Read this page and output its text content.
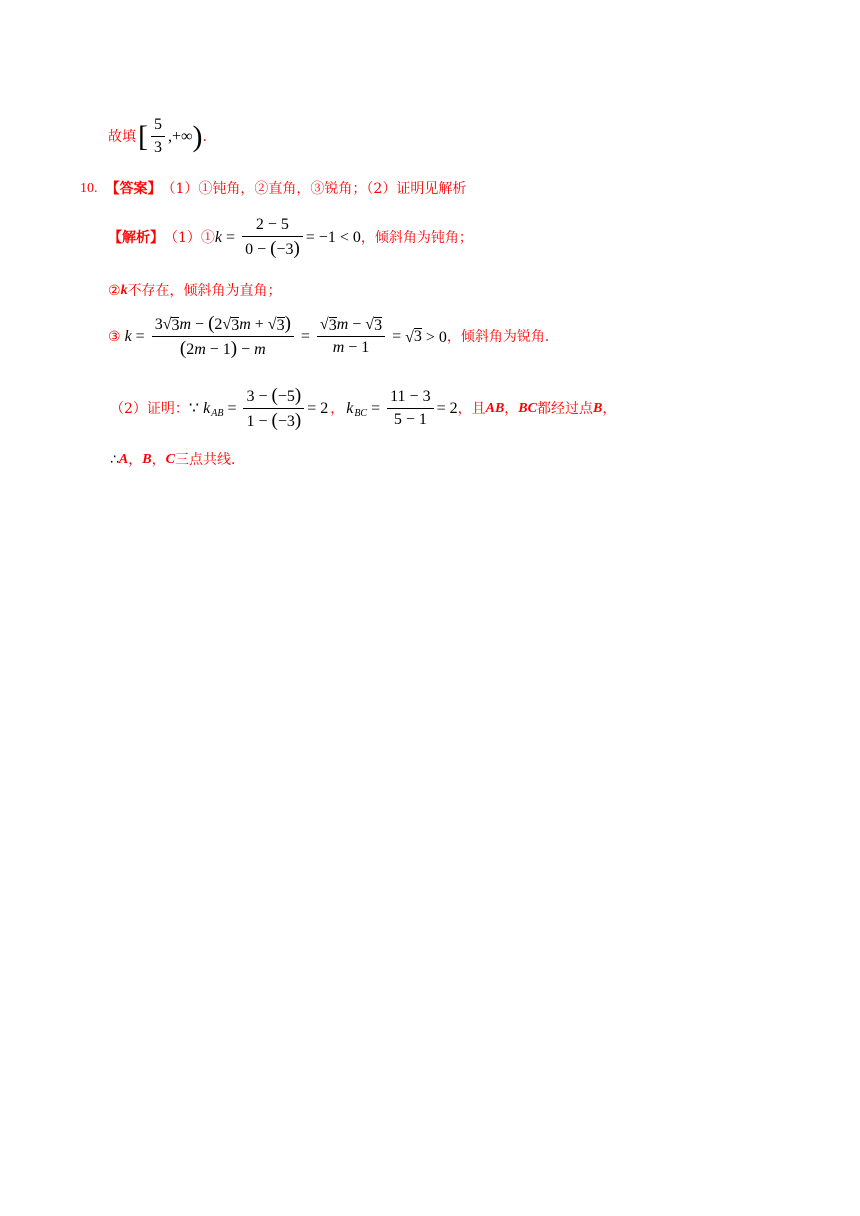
故填 [ $\frac{5}{3}$ ,+∞ ) .
10. 【答案】 （1）①钝角，②直角，③锐角；（2）证明见解析
【解析】 （1）① $k = \frac{2 - 5}{0 - (-3)} = -1 < 0$ ，倾斜角为钝角；
② k 不存在，倾斜角为直角；
③ $k = \frac{3 √ 3 m - (2 √ 3 m + √ 3 )}{(2m - 1) - m} = \frac{√ 3 m - √ 3}{m - 1}$ = √ 3 > 0 ，倾斜角为锐角．
（2）证明： ∵ k AB = $\frac{3 - (-5)}{1 - (-3)} = 2$ ， k BC = $\frac{11 - 3}{5 - 1} = 2$ ，且 AB ， BC 都经过点 B ，
∴ A ， B ， C 三点共线．
